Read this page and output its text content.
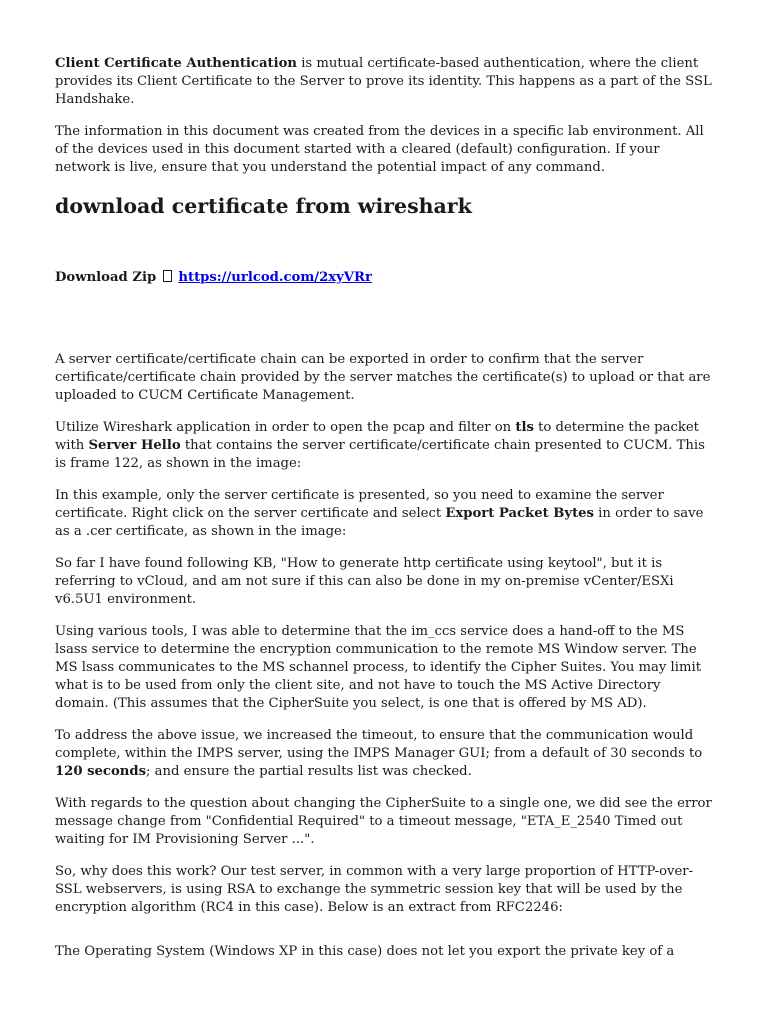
Client Certificate Authentication is mutual certificate-based authentication, where the client provides its Client Certificate to the Server to prove its identity. This happens as a part of the SSL Handshake.

The information in this document was created from the devices in a specific lab environment. All of the devices used in this document started with a cleared (default) configuration. If your network is live, ensure that you understand the potential impact of any command.

download certificate from wireshark

Download Zip  https://urlcod.com/2xyVRr

A server certificate/certificate chain can be exported in order to confirm that the server certificate/certificate chain provided by the server matches the certificate(s) to upload or that are uploaded to CUCM Certificate Management.

Utilize Wireshark application in order to open the pcap and filter on tls to determine the packet with Server Hello that contains the server certificate/certificate chain presented to CUCM. This is frame 122, as shown in the image:

In this example, only the server certificate is presented, so you need to examine the server certificate. Right click on the server certificate and select Export Packet Bytes in order to save as a .cer certificate, as shown in the image:

So far I have found following KB, "How to generate http certificate using keytool", but it is referring to vCloud, and am not sure if this can also be done in my on-premise vCenter/ESXi v6.5U1 environment.

Using various tools, I was able to determine that the im_ccs service does a hand-off to the MS lsass service to determine the encryption communication to the remote MS Window server. The MS lsass communicates to the MS schannel process, to identify the Cipher Suites. You may limit what is to be used from only the client site, and not have to touch the MS Active Directory domain. (This assumes that the CipherSuite you select, is one that is offered by MS AD).

To address the above issue, we increased the timeout, to ensure that the communication would complete, within the IMPS server, using the IMPS Manager GUI; from a default of 30 seconds to 120 seconds; and ensure the partial results list was checked.

With regards to the question about changing the CipherSuite to a single one, we did see the error message change from "Confidential Required" to a timeout message, "ETA_E_2540 Timed out waiting for IM Provisioning Server ...".

So, why does this work? Our test server, in common with a very large proportion of HTTP-over-SSL webservers, is using RSA to exchange the symmetric session key that will be used by the encryption algorithm (RC4 in this case). Below is an extract from RFC2246:

The Operating System (Windows XP in this case) does not let you export the private key of a
